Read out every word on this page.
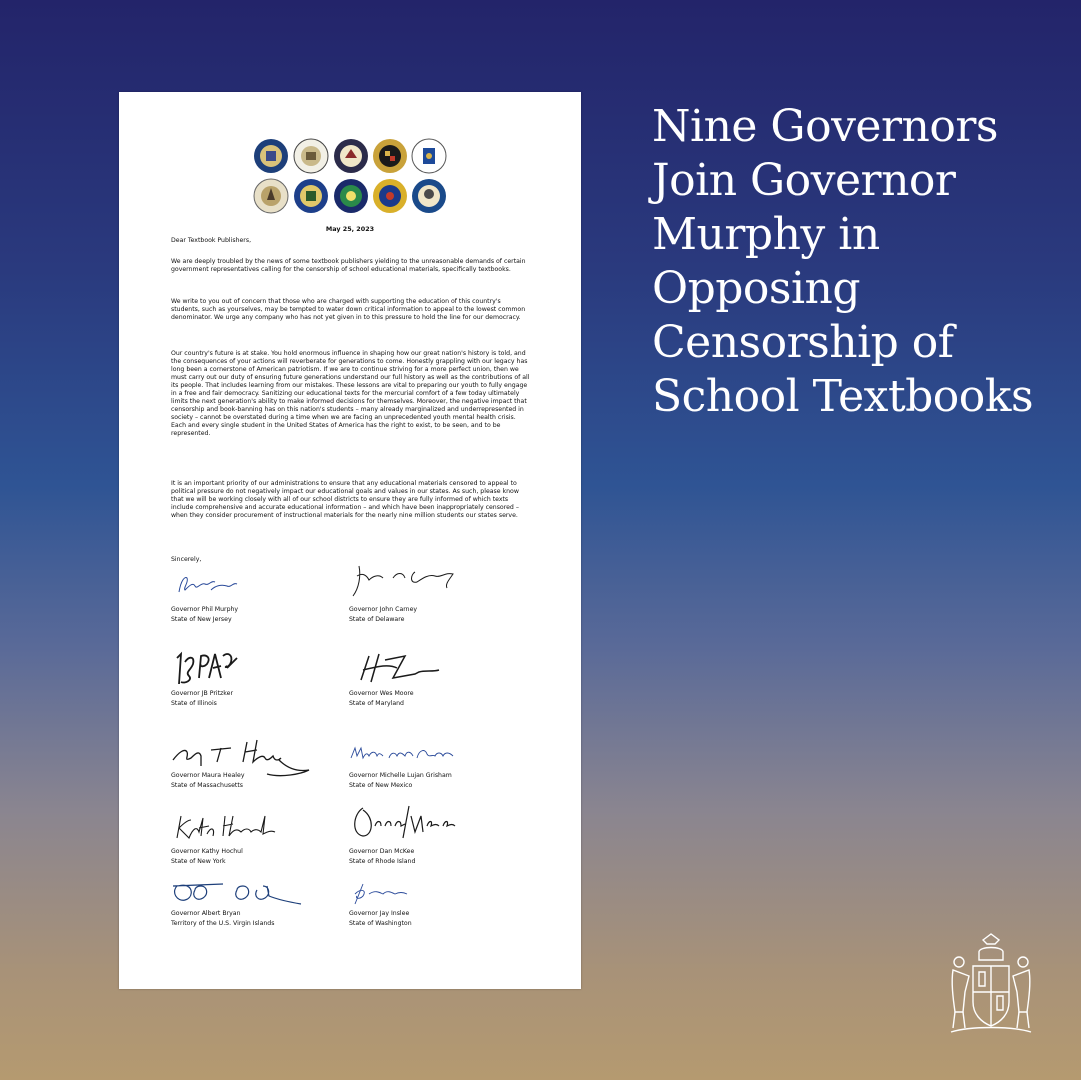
May 25, 2023
Dear Textbook Publishers,

We are deeply troubled by the news of some textbook publishers yielding to the unreasonable demands of certain government representatives calling for the censorship of school educational materials, specifically textbooks.

We write to you out of concern that those who are charged with supporting the education of this country's students, such as yourselves, may be tempted to water down critical information to appeal to the lowest common denominator. We urge any company who has not yet given in to this pressure to hold the line for our democracy.

Our country's future is at stake. You hold enormous influence in shaping how our great nation's history is told, and the consequences of your actions will reverberate for generations to come. Honestly grappling with our legacy has long been a cornerstone of American patriotism. If we are to continue striving for a more perfect union, then we must carry out our duty of ensuring future generations understand our full history as well as the contributions of all its people. That includes learning from our mistakes. These lessons are vital to preparing our youth to fully engage in a free and fair democracy. Sanitizing our educational texts for the mercurial comfort of a few today ultimately limits the next generation's ability to make informed decisions for themselves. Moreover, the negative impact that censorship and book-banning has on this nation's students – many already marginalized and underrepresented in society – cannot be overstated during a time when we are facing an unprecedented youth mental health crisis. Each and every single student in the United States of America has the right to exist, to be seen, and to be represented.

It is an important priority of our administrations to ensure that any educational materials censored to appeal to political pressure do not negatively impact our educational goals and values in our states. As such, please know that we will be working closely with all of our school districts to ensure they are fully informed of which texts include comprehensive and accurate educational information – and which have been inappropriately censored – when they consider procurement of instructional materials for the nearly nine million students our states serve.

Sincerely,
Governor Phil Murphy
State of New Jersey
Governor John Carney
State of Delaware
Governor JB Pritzker
State of Illinois
Governor Wes Moore
State of Maryland
Governor Maura Healey
State of Massachusetts
Governor Michelle Lujan Grisham
State of New Mexico
Governor Kathy Hochul
State of New York
Governor Dan McKee
State of Rhode Island
Governor Albert Bryan
Territory of the U.S. Virgin Islands
Governor Jay Inslee
State of Washington
Nine Governors Join Governor Murphy in Opposing Censorship of School Textbooks
